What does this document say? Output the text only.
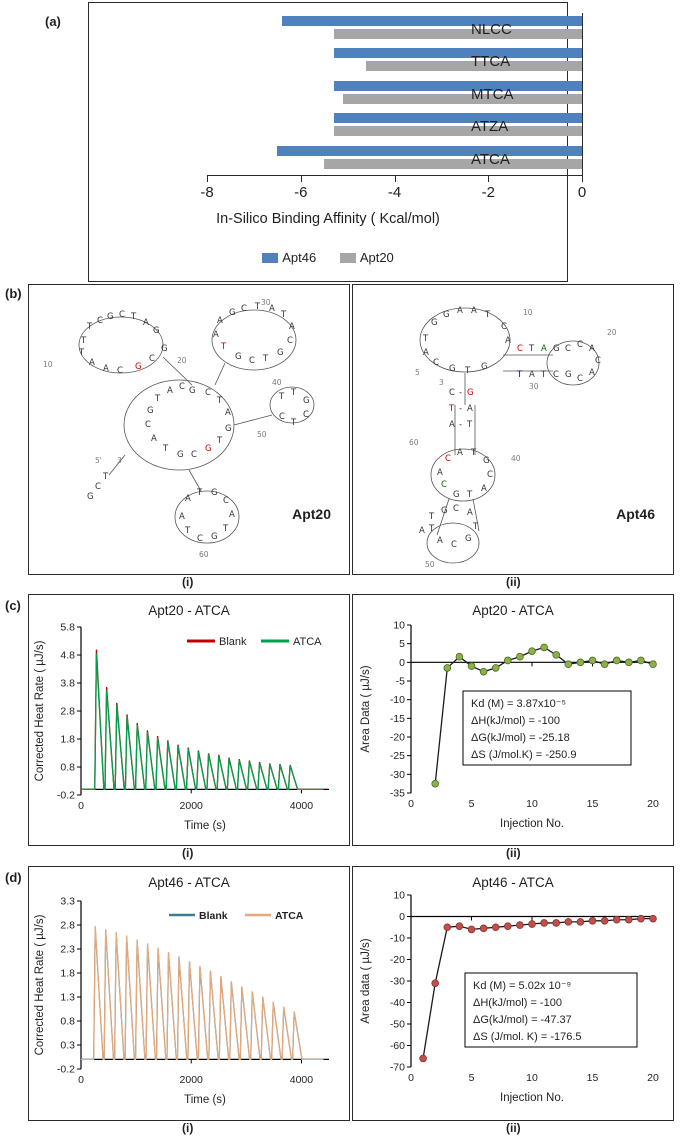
(a)
In-Silico Binding Affinity ( Kcal/mol)
Apt46	Apt20
NLCC
TTCA
MTCA
ATZA
ATCA
-8	-6	-4	-2	0
(b)
10	20
30
40
50
60
5' 3'
T
C G C T
A
G
T
T
A
A C G
C
G
A
G C T A
T
A
C
G
T
C
G
T
A
G
C
A
T
G
C
A
T
G C
G
T
G
A
T
C	T T
G
C
T
C
A
T G
C
A
T
G
C
T
A
T
C
G
Apt20
10
20
30
40
50
60
5
3
G
G A A T
C
A
T
A
C
G T G
C T A G C C A
C
A
C
G
C
T
A
T
C - G
T - A
A - T
C
A T
G
C
A
T
G
C
A
T
G C A
T
G
C
A
T
A
Apt46
(i)	(ii)
(c)	Apt20 - ATCA
0	2000	4000
-0.2
0.8
1.8
2.8
3.8
4.8
5.8
Blank	ATCA
Time (s)
Corrected Heat Rate ( µJ/s)
Apt20 - ATCA
0	5	10	15	20
10
5
0
-5
-10
-15
-20
-25
-30
-35
Kd (M) = 3.87x10⁻⁵
ΔH(kJ/mol) = -100
ΔG(kJ/mol) = -25.18
ΔS (J/mol.K) = -250.9
Injection No.
Area Data ( µJ/s)
(i)	(ii)
(d)	Apt46 - ATCA
0	2000	4000
-0.2
0.3
0.8
1.3
1.8
2.3
2.8
3.3
Blank	ATCA
Time (s)
Corrected Heat Rate ( µJ/s)
Apt46 - ATCA
0	5	10	15	20
10
0
-10
-20
-30
-40
-50
-60
-70
Kd (M) = 5.02x 10⁻⁹
ΔH(kJ/mol) = -100
ΔG(kJ/mol) = -47.37
ΔS (J/mol. K) = -176.5
Injection No.
Area data ( µJ/s)
(i)	(ii)
